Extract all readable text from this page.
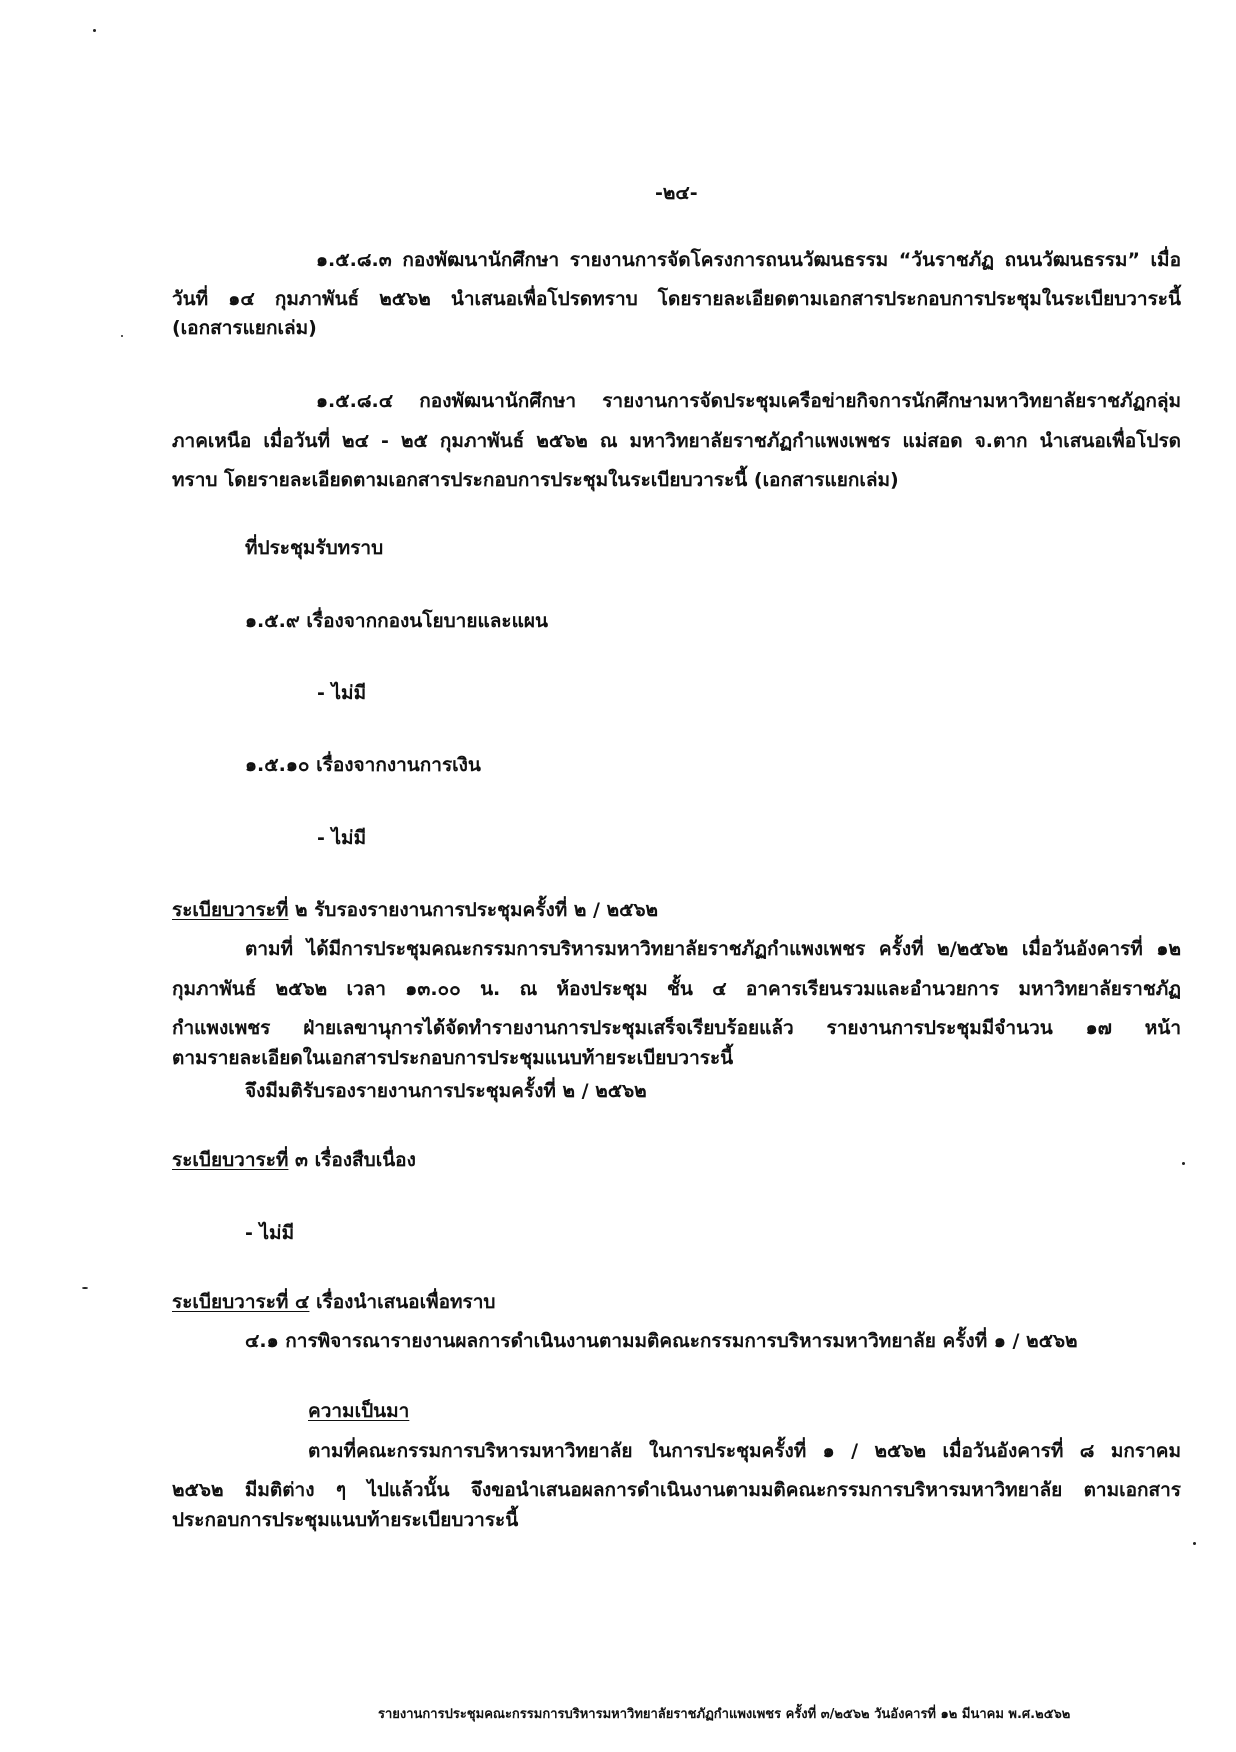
-๒๔-
๑.๕.๘.๓ กองพัฒนานักศึกษา รายงานการจัดโครงการถนนวัฒนธรรม “วันราชภัฏ ถนนวัฒนธรรม” เมื่อ
วันที่ ๑๔ กุมภาพันธ์ ๒๕๖๒ นำเสนอเพื่อโปรดทราบ โดยรายละเอียดตามเอกสารประกอบการประชุมในระเบียบวาระนี้
(เอกสารแยกเล่ม)
๑.๕.๘.๔ กองพัฒนานักศึกษา รายงานการจัดประชุมเครือข่ายกิจการนักศึกษามหาวิทยาลัยราชภัฏกลุ่ม
ภาคเหนือ เมื่อวันที่ ๒๔ - ๒๕ กุมภาพันธ์ ๒๕๖๒ ณ มหาวิทยาลัยราชภัฏกำแพงเพชร แม่สอด จ.ตาก นำเสนอเพื่อโปรด
ทราบ โดยรายละเอียดตามเอกสารประกอบการประชุมในระเบียบวาระนี้ (เอกสารแยกเล่ม)
ที่ประชุมรับทราบ
๑.๕.๙ เรื่องจากกองนโยบายและแผน
- ไม่มี
๑.๕.๑๐ เรื่องจากงานการเงิน
- ไม่มี
ระเบียบวาระที่ ๒ รับรองรายงานการประชุมครั้งที่ ๒ / ๒๕๖๒
ตามที่ ได้มีการประชุมคณะกรรมการบริหารมหาวิทยาลัยราชภัฏกำแพงเพชร ครั้งที่ ๒/๒๕๖๒ เมื่อวันอังคารที่ ๑๒
กุมภาพันธ์ ๒๕๖๒ เวลา ๑๓.๐๐ น. ณ ห้องประชุม ชั้น ๔ อาคารเรียนรวมและอำนวยการ มหาวิทยาลัยราชภัฏ
กำแพงเพชร ฝ่ายเลขานุการได้จัดทำรายงานการประชุมเสร็จเรียบร้อยแล้ว รายงานการประชุมมีจำนวน ๑๗ หน้า
ตามรายละเอียดในเอกสารประกอบการประชุมแนบท้ายระเบียบวาระนี้
จึงมีมติรับรองรายงานการประชุมครั้งที่ ๒ / ๒๕๖๒
ระเบียบวาระที่ ๓ เรื่องสืบเนื่อง
- ไม่มี
ระเบียบวาระที่ ๔ เรื่องนำเสนอเพื่อทราบ
๔.๑ การพิจารณารายงานผลการดำเนินงานตามมติคณะกรรมการบริหารมหาวิทยาลัย ครั้งที่ ๑ / ๒๕๖๒
ความเป็นมา
ตามที่คณะกรรมการบริหารมหาวิทยาลัย ในการประชุมครั้งที่ ๑ / ๒๕๖๒ เมื่อวันอังคารที่ ๘ มกราคม
๒๕๖๒ มีมติต่าง ๆ ไปแล้วนั้น จึงขอนำเสนอผลการดำเนินงานตามมติคณะกรรมการบริหารมหาวิทยาลัย ตามเอกสาร
ประกอบการประชุมแนบท้ายระเบียบวาระนี้
รายงานการประชุมคณะกรรมการบริหารมหาวิทยาลัยราชภัฏกำแพงเพชร ครั้งที่ ๓/๒๕๖๒ วันอังคารที่ ๑๒ มีนาคม พ.ศ.๒๕๖๒
